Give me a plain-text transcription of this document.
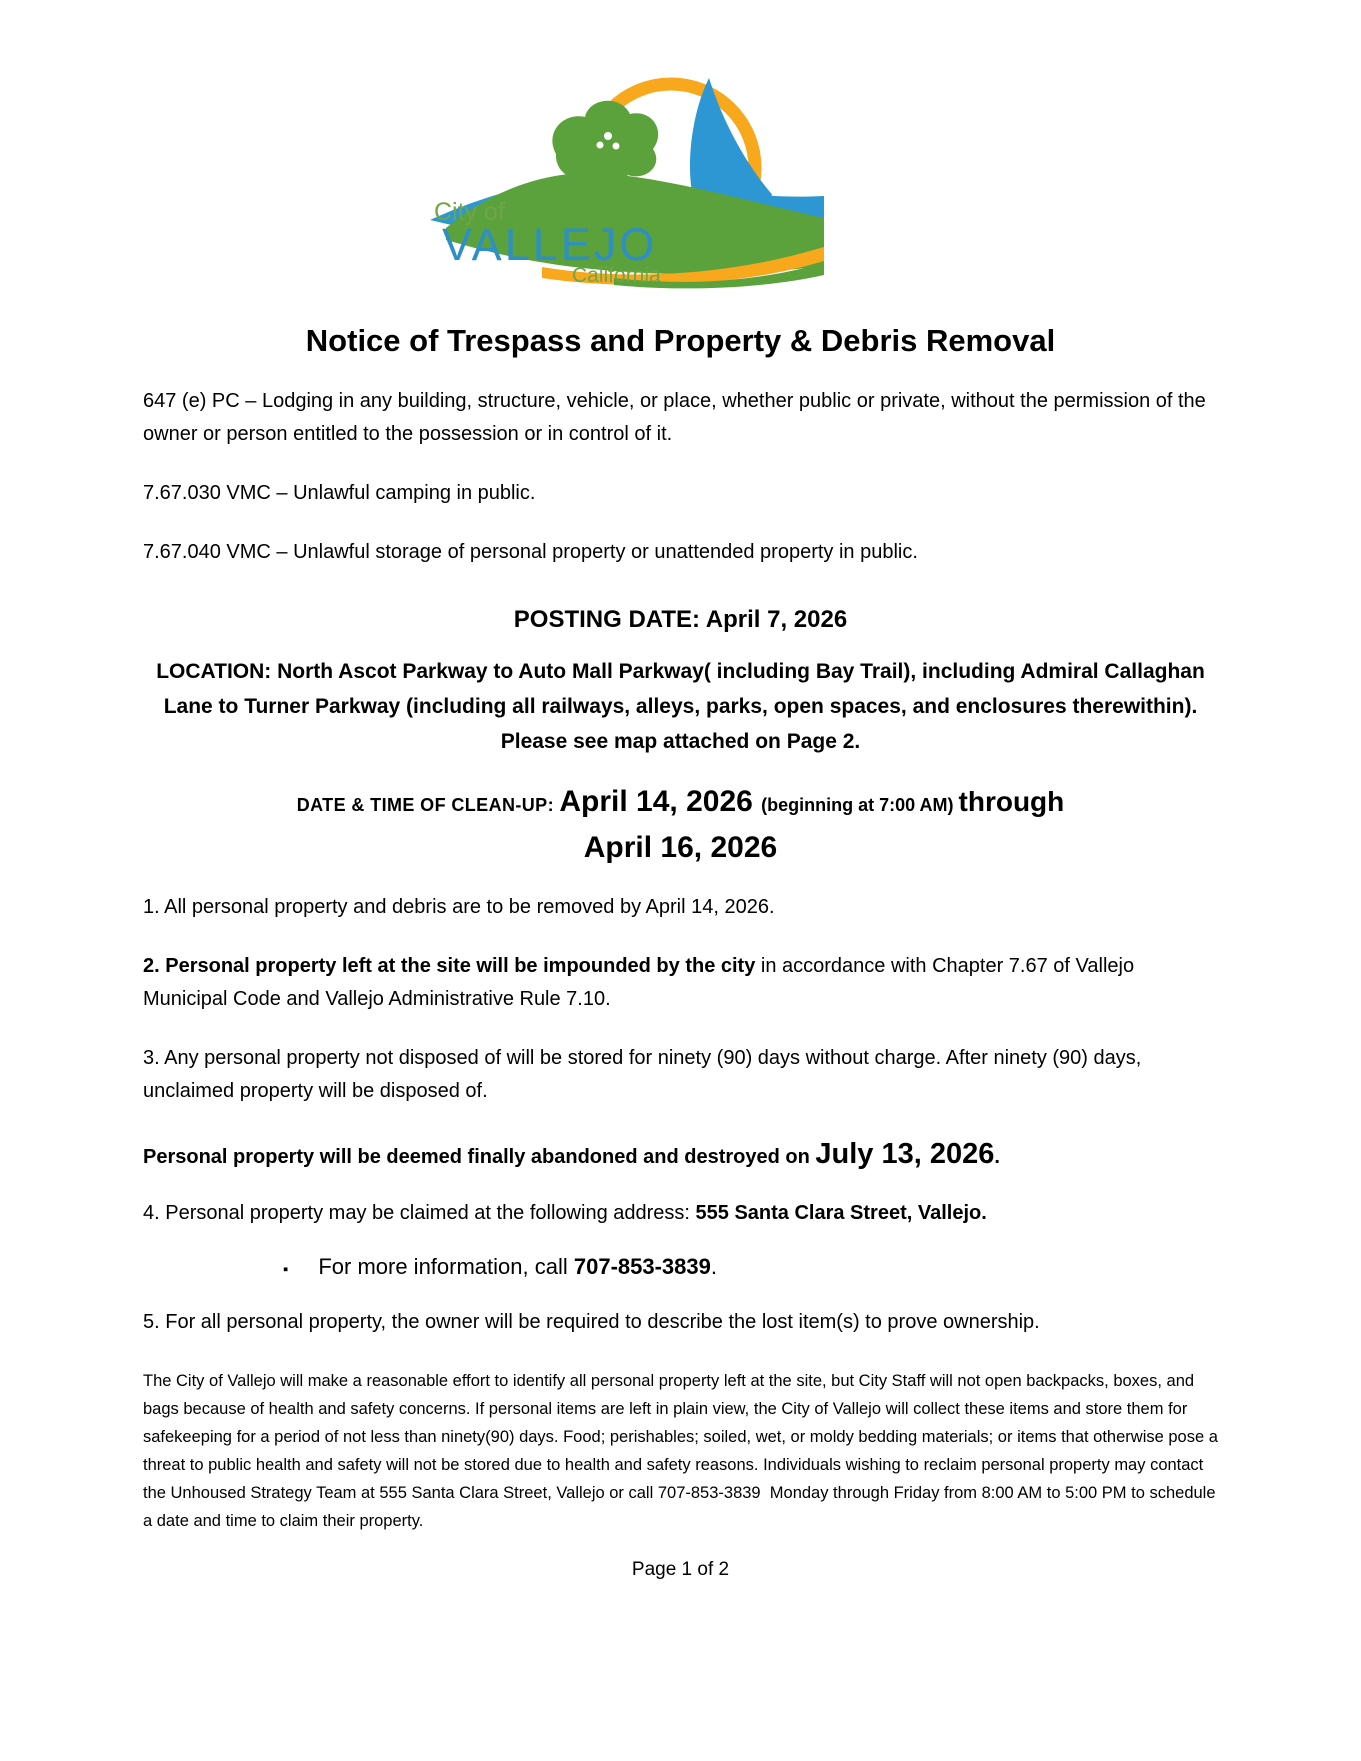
City of
VALLEJO
California
Notice of Trespass and Property & Debris Removal

647 (e) PC – Lodging in any building, structure, vehicle, or place, whether public or private, without the permission of the owner or person entitled to the possession or in control of it.

7.67.030 VMC – Unlawful camping in public.

7.67.040 VMC – Unlawful storage of personal property or unattended property in public.

POSTING DATE: April 7, 2026

LOCATION: North Ascot Parkway to Auto Mall Parkway( including Bay Trail), including Admiral Callaghan Lane to Turner Parkway (including all railways, alleys, parks, open spaces, and enclosures therewithin). Please see map attached on Page 2.

DATE & TIME OF CLEAN-UP: April 14, 2026 (beginning at 7:00 AM) through
April 16, 2026

1. All personal property and debris are to be removed by April 14, 2026.

2. Personal property left at the site will be impounded by the city in accordance with Chapter 7.67 of Vallejo Municipal Code and Vallejo Administrative Rule 7.10.

3. Any personal property not disposed of will be stored for ninety (90) days without charge. After ninety (90) days, unclaimed property will be disposed of.

Personal property will be deemed finally abandoned and destroyed on July 13, 2026.

4. Personal property may be claimed at the following address: 555 Santa Clara Street, Vallejo.

▪ For more information, call 707-853-3839.

5. For all personal property, the owner will be required to describe the lost item(s) to prove ownership.

The City of Vallejo will make a reasonable effort to identify all personal property left at the site, but City Staff will not open backpacks, boxes, and bags because of health and safety concerns. If personal items are left in plain view, the City of Vallejo will collect these items and store them for safekeeping for a period of not less than ninety(90) days. Food; perishables; soiled, wet, or moldy bedding materials; or items that otherwise pose a threat to public health and safety will not be stored due to health and safety reasons. Individuals wishing to reclaim personal property may contact the Unhoused Strategy Team at 555 Santa Clara Street, Vallejo or call 707-853-3839  Monday through Friday from 8:00 AM to 5:00 PM to schedule a date and time to claim their property.

Page 1 of 2
